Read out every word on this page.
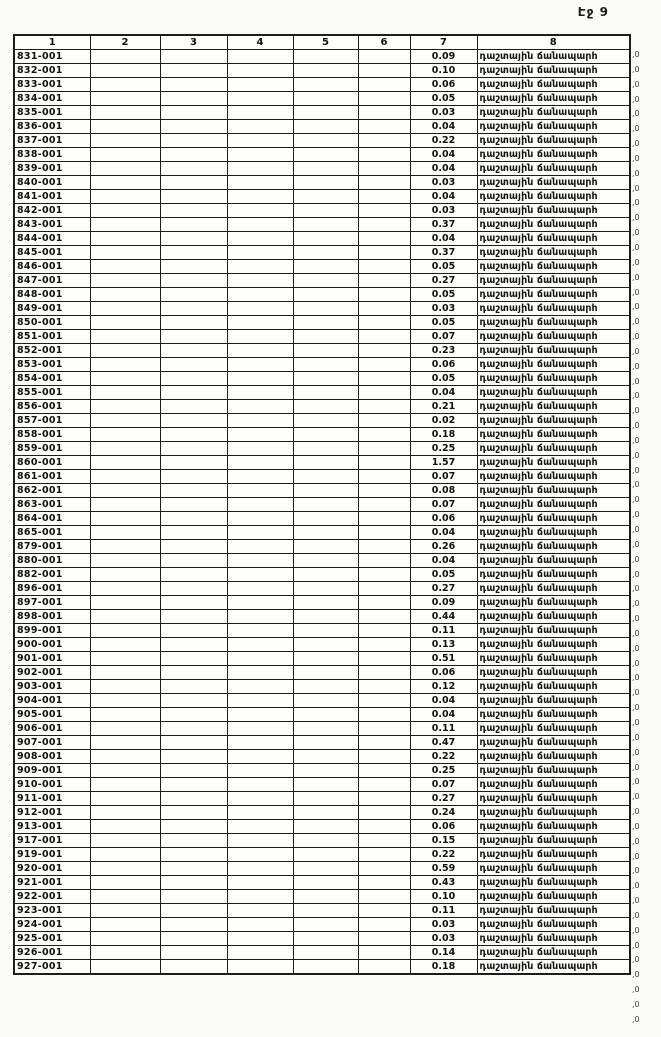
Էջ 9
1	2	3	4	5	6	7	8
831-001						0.09	դաշտային ճանապարհ
832-001						0.10	դաշտային ճանապարհ
833-001						0.06	դաշտային ճանապարհ
834-001						0.05	դաշտային ճանապարհ
835-001						0.03	դաշտային ճանապարհ
836-001						0.04	դաշտային ճանապարհ
837-001						0.22	դաշտային ճանապարհ
838-001						0.04	դաշտային ճանապարհ
839-001						0.04	դաշտային ճանապարհ
840-001						0.03	դաշտային ճանապարհ
841-001						0.04	դաշտային ճանապարհ
842-001						0.03	դաշտային ճանապարհ
843-001						0.37	դաշտային ճանապարհ
844-001						0.04	դաշտային ճանապարհ
845-001						0.37	դաշտային ճանապարհ
846-001						0.05	դաշտային ճանապարհ
847-001						0.27	դաշտային ճանապարհ
848-001						0.05	դաշտային ճանապարհ
849-001						0.03	դաշտային ճանապարհ
850-001						0.05	դաշտային ճանապարհ
851-001						0.07	դաշտային ճանապարհ
852-001						0.23	դաշտային ճանապարհ
853-001						0.06	դաշտային ճանապարհ
854-001						0.05	դաշտային ճանապարհ
855-001						0.04	դաշտային ճանապարհ
856-001						0.21	դաշտային ճանապարհ
857-001						0.02	դաշտային ճանապարհ
858-001						0.18	դաշտային ճանապարհ
859-001						0.25	դաշտային ճանապարհ
860-001						1.57	դաշտային ճանապարհ
861-001						0.07	դաշտային ճանապարհ
862-001						0.08	դաշտային ճանապարհ
863-001						0.07	դաշտային ճանապարհ
864-001						0.06	դաշտային ճանապարհ
865-001						0.04	դաշտային ճանապարհ
879-001						0.26	դաշտային ճանապարհ
880-001						0.04	դաշտային ճանապարհ
882-001						0.05	դաշտային ճանապարհ
896-001						0.27	դաշտային ճանապարհ
897-001						0.09	դաշտային ճանապարհ
898-001						0.44	դաշտային ճանապարհ
899-001						0.11	դաշտային ճանապարհ
900-001						0.13	դաշտային ճանապարհ
901-001						0.51	դաշտային ճանապարհ
902-001						0.06	դաշտային ճանապարհ
903-001						0.12	դաշտային ճանապարհ
904-001						0.04	դաշտային ճանապարհ
905-001						0.04	դաշտային ճանապարհ
906-001						0.11	դաշտային ճանապարհ
907-001						0.47	դաշտային ճանապարհ
908-001						0.22	դաշտային ճանապարհ
909-001						0.25	դաշտային ճանապարհ
910-001						0.07	դաշտային ճանապարհ
911-001						0.27	դաշտային ճանապարհ
912-001						0.24	դաշտային ճանապարհ
913-001						0.06	դաշտային ճանապարհ
917-001						0.15	դաշտային ճանապարհ
919-001						0.22	դաշտային ճանապարհ
920-001						0.59	դաշտային ճանապարհ
921-001						0.43	դաշտային ճանապարհ
922-001						0.10	դաշտային ճանապարհ
923-001						0.11	դաշտային ճանապարհ
924-001						0.03	դաշտային ճանապարհ
925-001						0.03	դաշտային ճանապարհ
926-001						0.14	դաշտային ճանապարհ
927-001						0.18	դաշտային ճանապարհ
,0
,0
,0
,0
,0
,0
,0
,0
,0
,0
,0
,0
,0
,0
,0
,0
,0
,0
,0
,0
,0
,0
,0
,0
,0
,0
,0
,0
,0
,0
,0
,0
,0
,0
,0
,0
,0
,0
,0
,0
,0
,0
,0
,0
,0
,0
,0
,0
,0
,0
,0
,0
,0
,0
,0
,0
,0
,0
,0
,0
,0
,0
,0
,0
,0
,0
